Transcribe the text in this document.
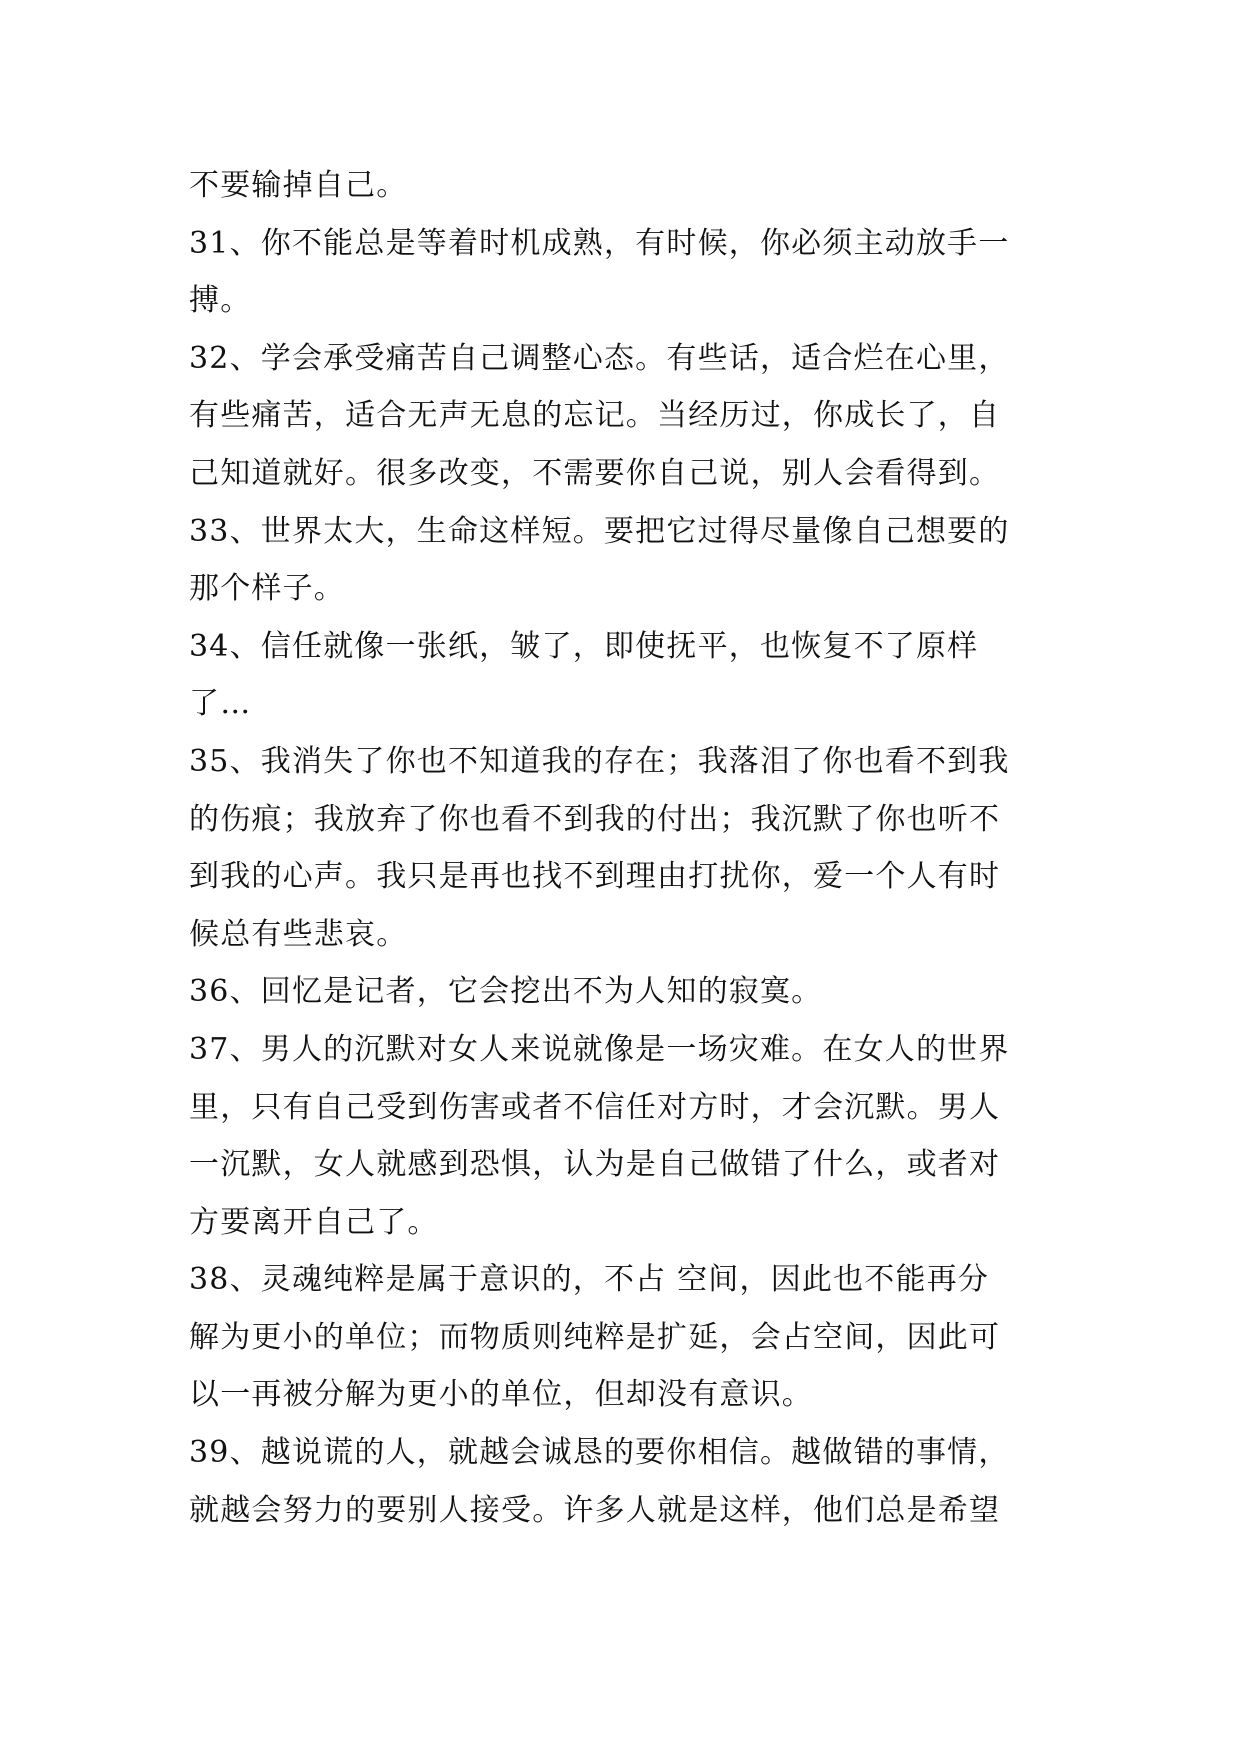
不要输掉自己。
31、你不能总是等着时机成熟，有时候，你必须主动放手一
搏。
32、学会承受痛苦自己调整心态。有些话，适合烂在心里，
有些痛苦，适合无声无息的忘记。当经历过，你成长了，自
己知道就好。很多改变，不需要你自己说，别人会看得到。
33、世界太大，生命这样短。要把它过得尽量像自己想要的
那个样子。
34、信任就像一张纸，皱了，即使抚平，也恢复不了原样
了…
35、我消失了你也不知道我的存在；我落泪了你也看不到我
的伤痕；我放弃了你也看不到我的付出；我沉默了你也听不
到我的心声。我只是再也找不到理由打扰你，爱一个人有时
候总有些悲哀。
36、回忆是记者，它会挖出不为人知的寂寞。
37、男人的沉默对女人来说就像是一场灾难。在女人的世界
里，只有自己受到伤害或者不信任对方时，才会沉默。男人
一沉默，女人就感到恐惧，认为是自己做错了什么，或者对
方要离开自己了。
38、灵魂纯粹是属于意识的，不占 空间，因此也不能再分
解为更小的单位；而物质则纯粹是扩延，会占空间，因此可
以一再被分解为更小的单位，但却没有意识。
39、越说谎的人，就越会诚恳的要你相信。越做错的事情，
就越会努力的要别人接受。许多人就是这样，他们总是希望
